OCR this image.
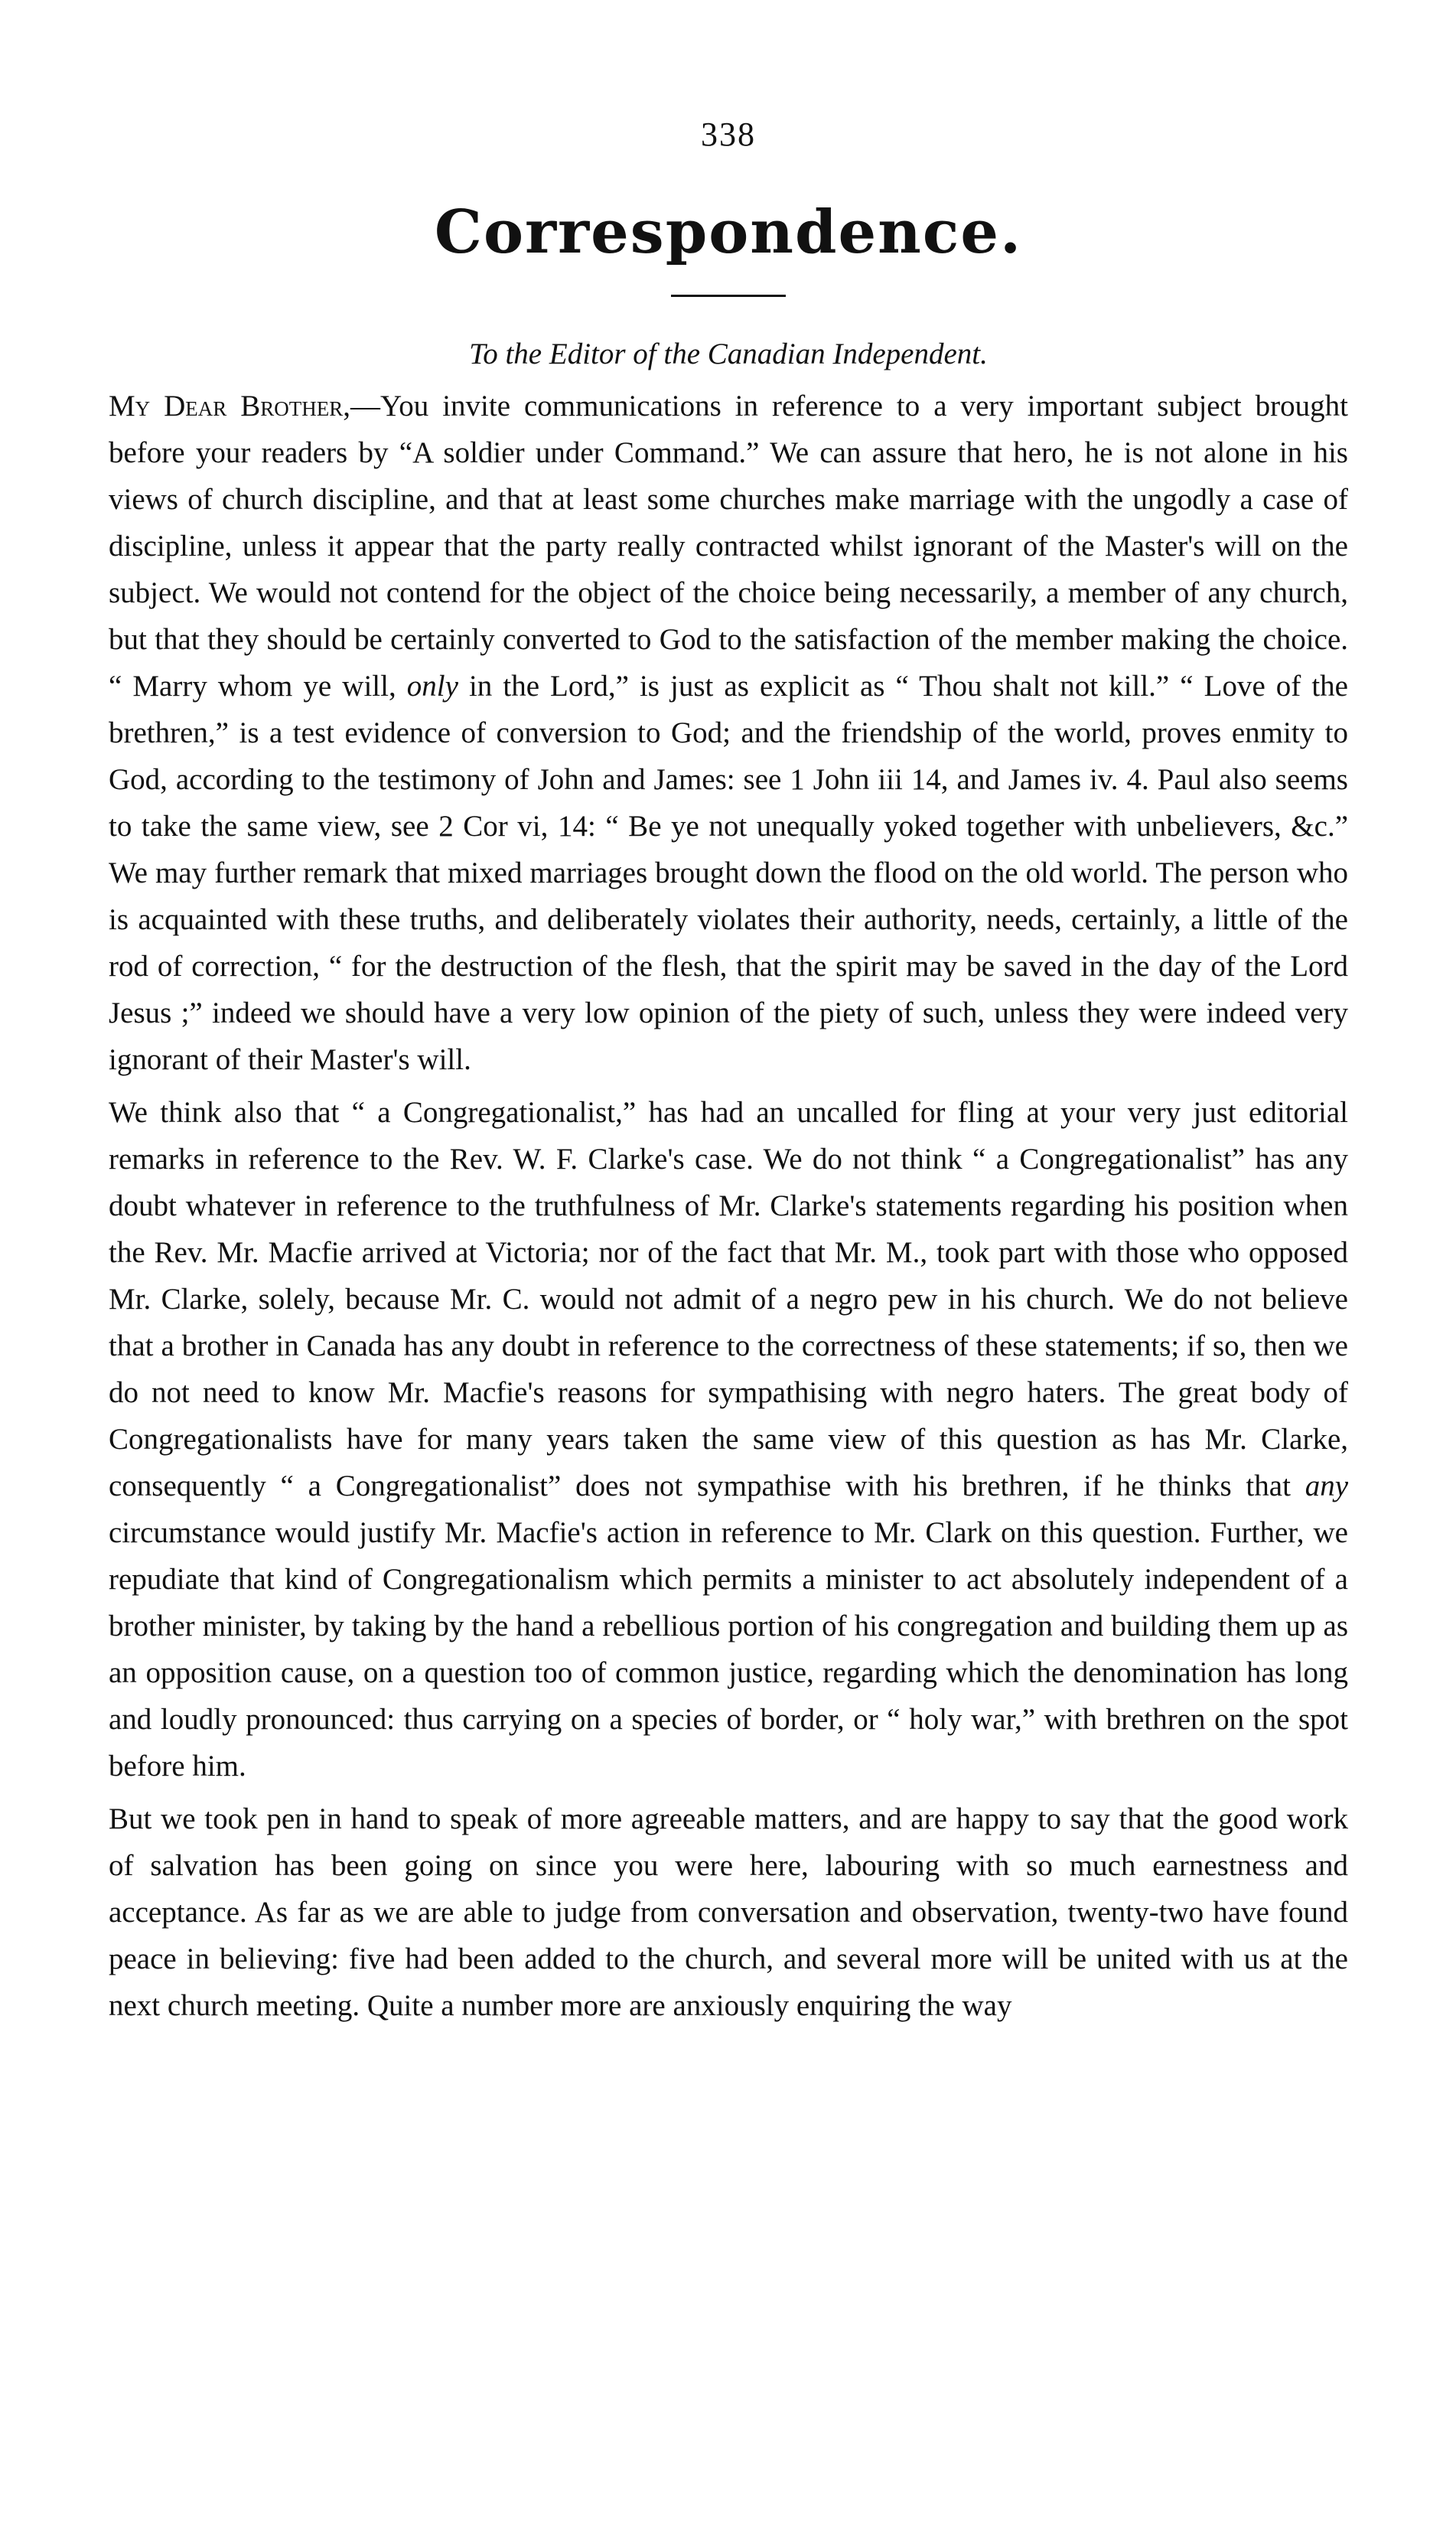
338
Correspondence.
To the Editor of the Canadian Independent.

My Dear Brother,—You invite communications in reference to a very important subject brought before your readers by “A soldier under Command.” We can assure that hero, he is not alone in his views of church discipline, and that at least some churches make marriage with the ungodly a case of discipline, unless it appear that the party really contracted whilst ignorant of the Master's will on the subject. We would not contend for the object of the choice being necessarily, a member of any church, but that they should be certainly converted to God to the satisfaction of the member making the choice. “ Marry whom ye will, only in the Lord,” is just as explicit as “ Thou shalt not kill.” “ Love of the brethren,” is a test evidence of conversion to God; and the friendship of the world, proves enmity to God, according to the testimony of John and James: see 1 John iii 14, and James iv. 4. Paul also seems to take the same view, see 2 Cor vi, 14: “ Be ye not unequally yoked together with unbelievers, &c.” We may further remark that mixed marriages brought down the flood on the old world. The person who is acquainted with these truths, and deliberately violates their authority, needs, certainly, a little of the rod of correction, “ for the destruction of the flesh, that the spirit may be saved in the day of the Lord Jesus ;” indeed we should have a very low opinion of the piety of such, unless they were indeed very ignorant of their Master's will.

We think also that “ a Congregationalist,” has had an uncalled for fling at your very just editorial remarks in reference to the Rev. W. F. Clarke's case. We do not think “ a Congregationalist” has any doubt whatever in reference to the truthfulness of Mr. Clarke's statements regarding his position when the Rev. Mr. Macfie arrived at Victoria; nor of the fact that Mr. M., took part with those who opposed Mr. Clarke, solely, because Mr. C. would not admit of a negro pew in his church. We do not believe that a brother in Canada has any doubt in reference to the correctness of these statements; if so, then we do not need to know Mr. Macfie's reasons for sympathising with negro haters. The great body of Congregationalists have for many years taken the same view of this question as has Mr. Clarke, consequently “ a Congregationalist” does not sympathise with his brethren, if he thinks that any circumstance would justify Mr. Macfie's action in reference to Mr. Clark on this question. Further, we repudiate that kind of Congregationalism which permits a minister to act absolutely independent of a brother minister, by taking by the hand a rebellious portion of his congregation and building them up as an opposition cause, on a question too of common justice, regarding which the denomination has long and loudly pronounced: thus carrying on a species of border, or “ holy war,” with brethren on the spot before him.

But we took pen in hand to speak of more agreeable matters, and are happy to say that the good work of salvation has been going on since you were here, labouring with so much earnestness and acceptance. As far as we are able to judge from conversation and observation, twenty-two have found peace in believing: five had been added to the church, and several more will be united with us at the next church meeting. Quite a number more are anxiously enquiring the way
